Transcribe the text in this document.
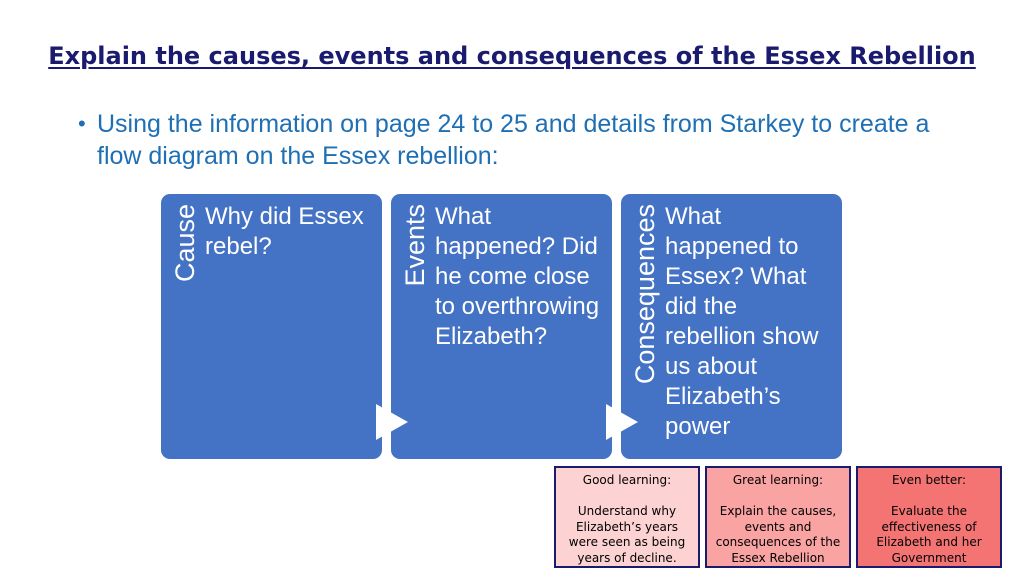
Explain the causes, events and consequences of the Essex Rebellion
• Using the information on page 24 to 25 and details from Starkey to create a flow diagram on the Essex rebellion:
Cause Why did Essex rebel?	Events What happened? Did he come close to overthrowing Elizabeth?	Consequences What happened to Essex? What did the rebellion show us about Elizabeth’s power
Good learning:
Understand why Elizabeth’s years were seen as being years of decline.
Great learning:
Explain the causes, events and consequences of the Essex Rebellion
Even better:
Evaluate the effectiveness of Elizabeth and her Government
